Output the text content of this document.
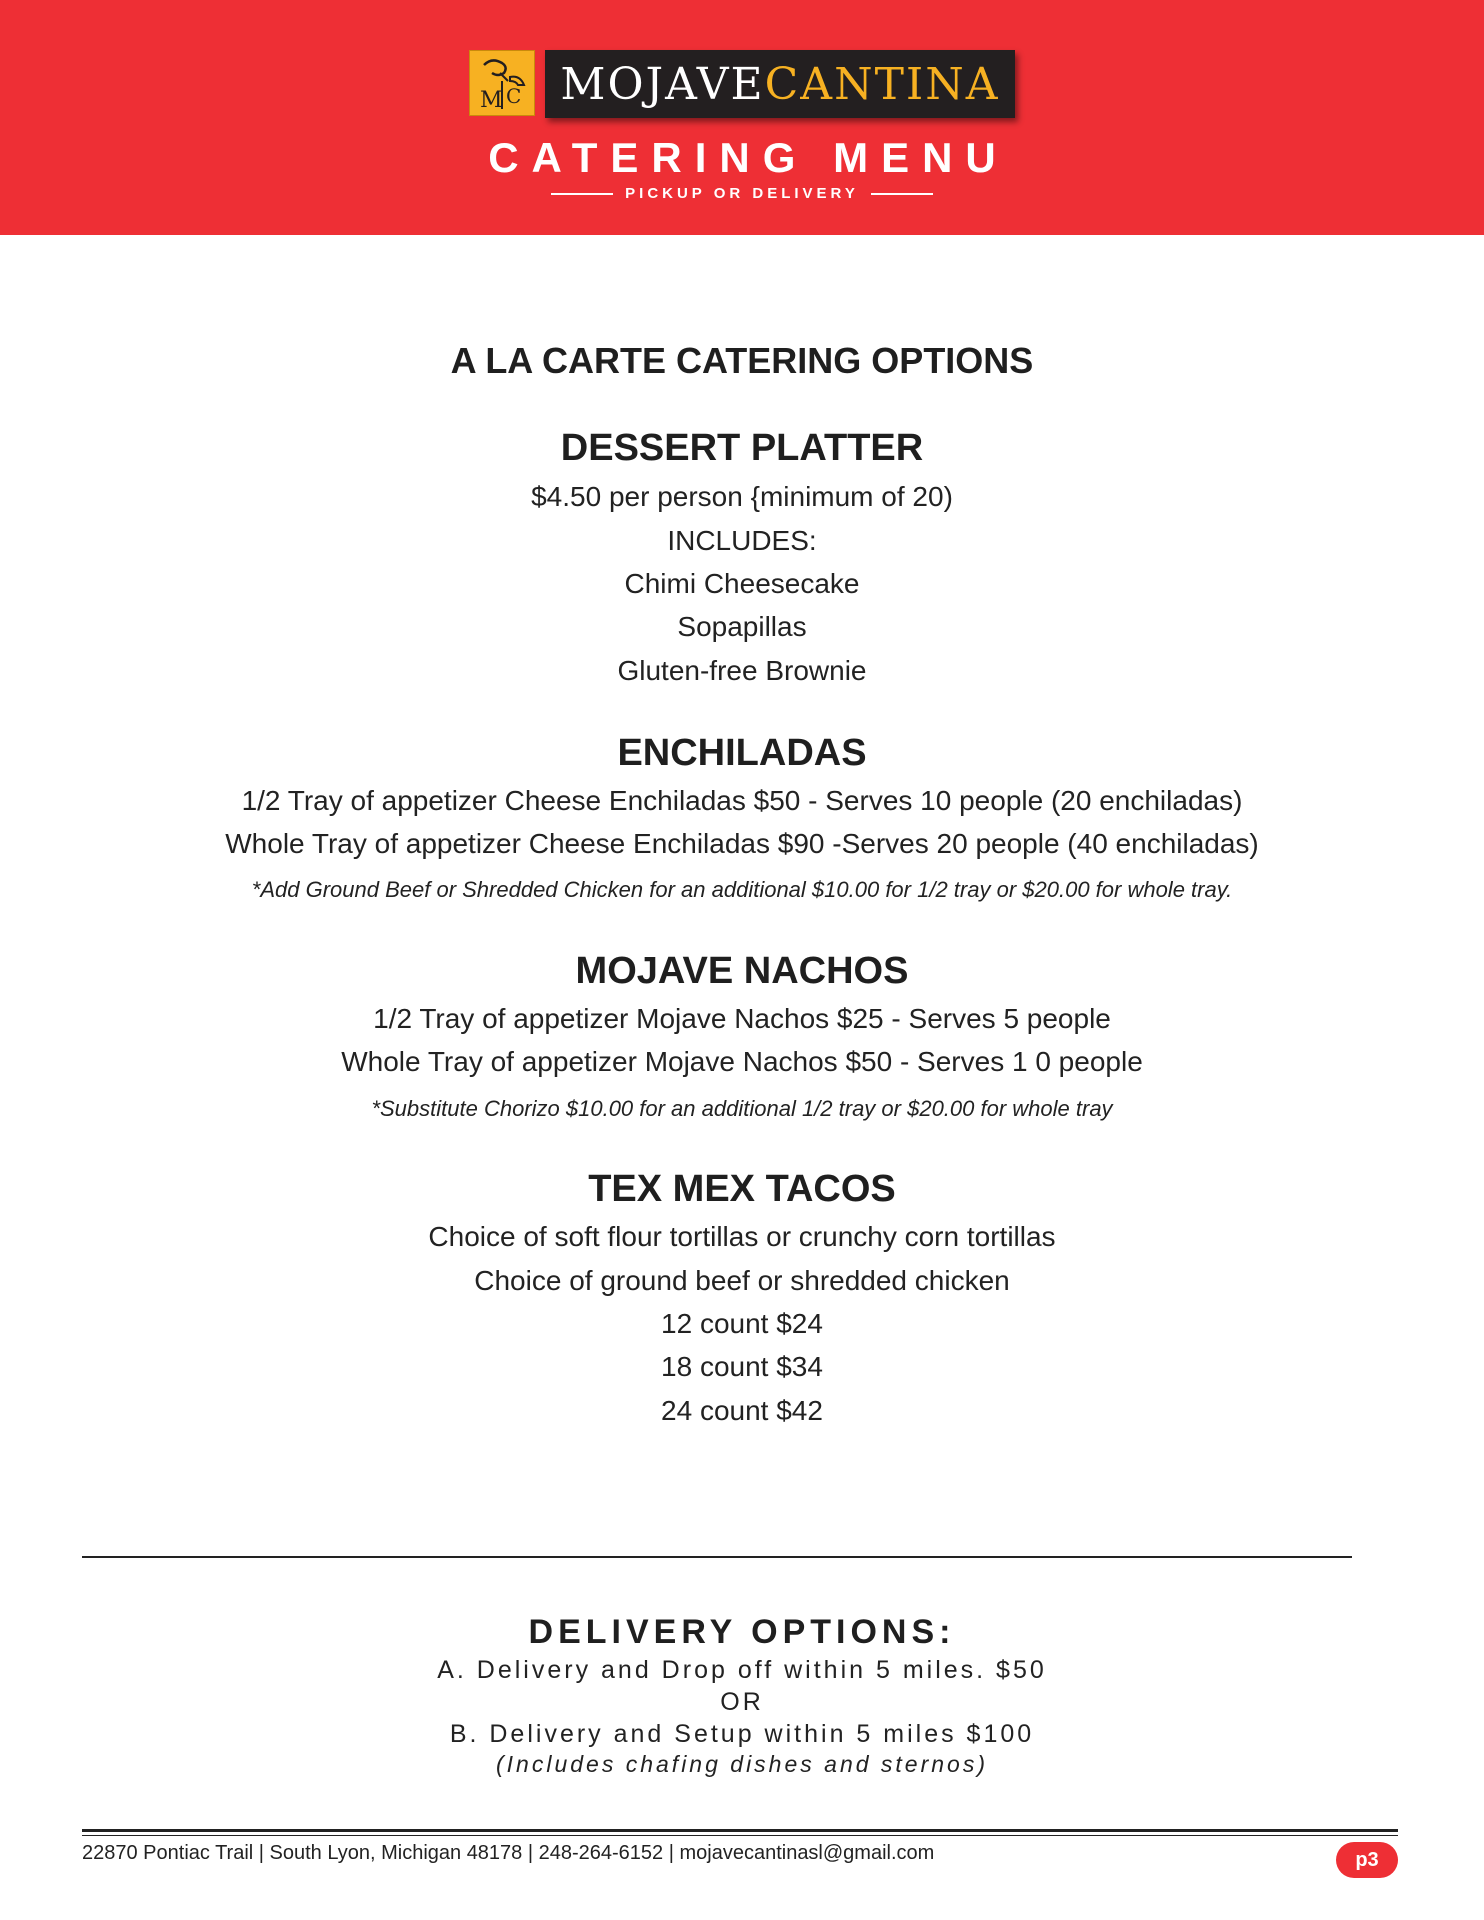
M C MOJAVE CANTINA
CATERING MENU
PICKUP OR DELIVERY
A LA CARTE CATERING OPTIONS
DESSERT PLATTER
$4.50 per person {minimum of 20)
INCLUDES:
Chimi Cheesecake
Sopapillas
Gluten-free Brownie
ENCHILADAS
1/2 Tray of appetizer Cheese Enchiladas $50 - Serves 10 people (20 enchiladas)
Whole Tray of appetizer Cheese Enchiladas $90 -Serves 20 people (40 enchiladas)
*Add Ground Beef or Shredded Chicken for an additional $10.00 for 1/2 tray or $20.00 for whole tray.
MOJAVE NACHOS
1/2 Tray of appetizer Mojave Nachos $25 - Serves 5 people
Whole Tray of appetizer Mojave Nachos $50 - Serves 1 0 people
*Substitute Chorizo $10.00 for an additional 1/2 tray or $20.00 for whole tray
TEX MEX TACOS
Choice of soft flour tortillas or crunchy corn tortillas
Choice of ground beef or shredded chicken
12 count $24
18 count $34
24 count $42
DELIVERY OPTIONS:
A. Delivery and Drop off within 5 miles. $50
OR
B. Delivery and Setup within 5 miles $100
(Includes chafing dishes and sternos)
22870 Pontiac Trail | South Lyon, Michigan 48178 | 248-264-6152 | mojavecantinasl@gmail.com	p3
